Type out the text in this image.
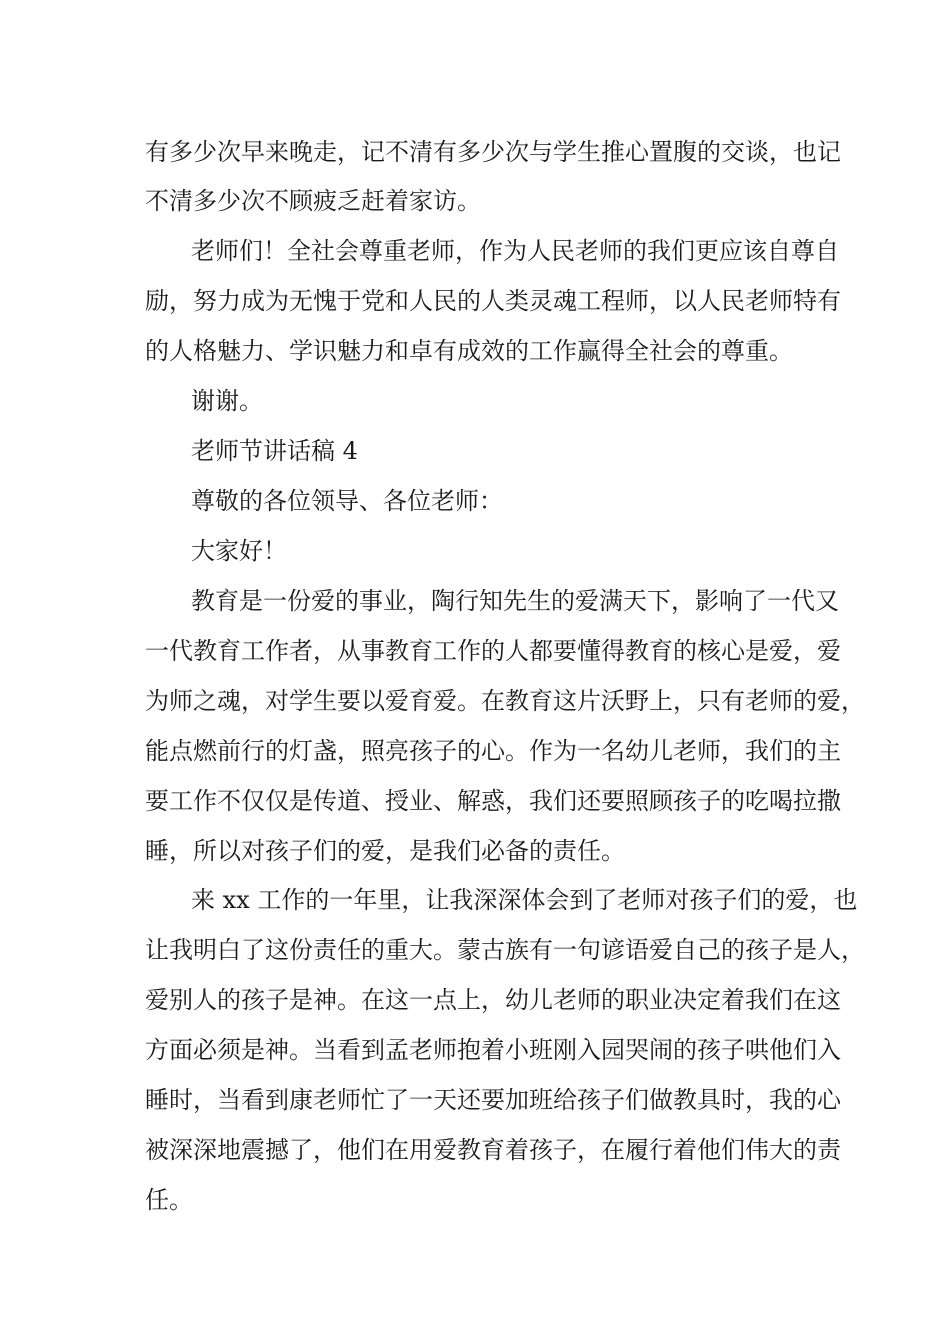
有多少次早来晚走，记不清有多少次与学生推心置腹的交谈，也记
不清多少次不顾疲乏赶着家访。
老师们！全社会尊重老师，作为人民老师的我们更应该自尊自
励，努力成为无愧于党和人民的人类灵魂工程师，以人民老师特有
的人格魅力、学识魅力和卓有成效的工作赢得全社会的尊重。
谢谢。
老师节讲话稿 4
尊敬的各位领导、各位老师：
大家好！
教育是一份爱的事业，陶行知先生的爱满天下，影响了一代又
一代教育工作者，从事教育工作的人都要懂得教育的核心是爱，爱
为师之魂，对学生要以爱育爱。在教育这片沃野上，只有老师的爱，
能点燃前行的灯盏，照亮孩子的心。作为一名幼儿老师，我们的主
要工作不仅仅是传道、授业、解惑，我们还要照顾孩子的吃喝拉撒
睡，所以对孩子们的爱，是我们必备的责任。
来 xx 工作的一年里，让我深深体会到了老师对孩子们的爱，也
让我明白了这份责任的重大。蒙古族有一句谚语爱自己的孩子是人，
爱别人的孩子是神。在这一点上，幼儿老师的职业决定着我们在这
方面必须是神。当看到孟老师抱着小班刚入园哭闹的孩子哄他们入
睡时，当看到康老师忙了一天还要加班给孩子们做教具时，我的心
被深深地震撼了，他们在用爱教育着孩子，在履行着他们伟大的责
任。
